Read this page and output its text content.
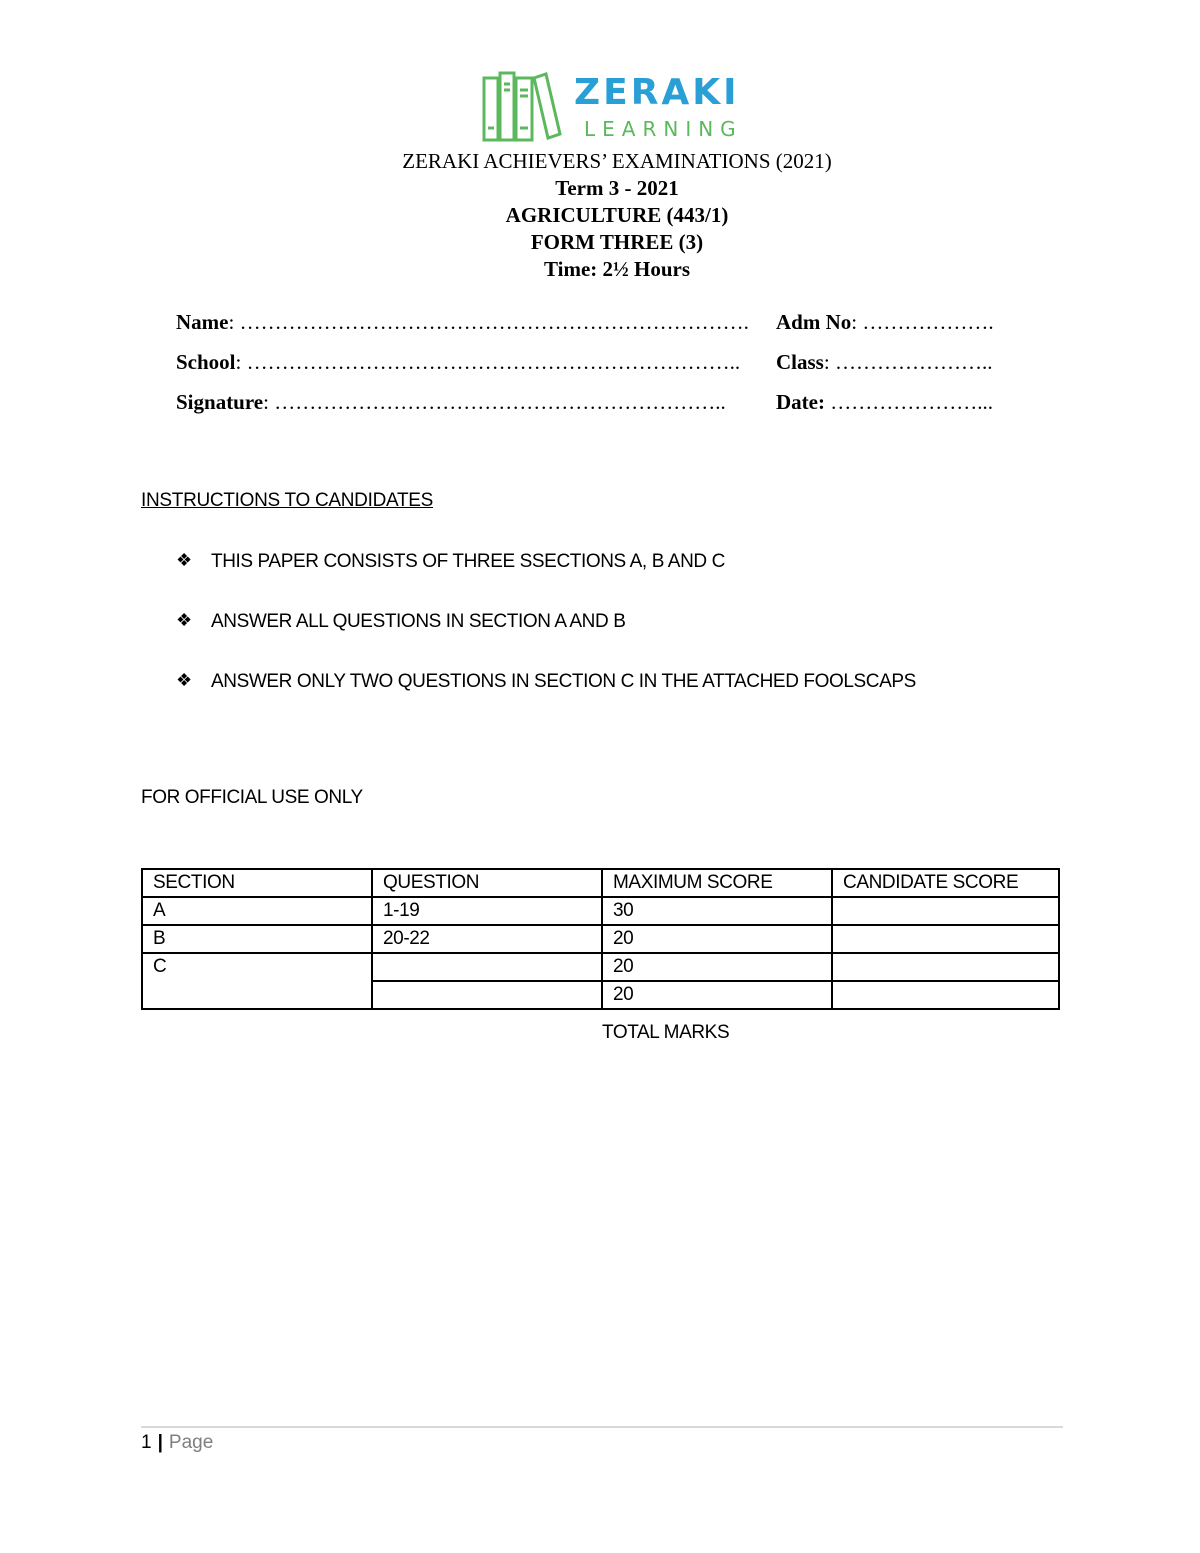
ZERAKI
LEARNING
ZERAKI ACHIEVERS’ EXAMINATIONS (2021)
Term 3 - 2021
AGRICULTURE (443/1)
FORM THREE (3)
Time: 2½ Hours
Name: ………………………………………………………………. Adm No: ……………….
School: …………………………………………………………….. Class: …………………..
Signature: ……………………………………………………….. Date: …………………...
INSTRUCTIONS TO CANDIDATES
❖ THIS PAPER CONSISTS OF THREE SSECTIONS A, B AND C
❖ ANSWER ALL QUESTIONS IN SECTION A AND B
❖ ANSWER ONLY TWO QUESTIONS IN SECTION C IN THE ATTACHED FOOLSCAPS
FOR OFFICIAL USE ONLY
SECTION	QUESTION	MAXIMUM SCORE	CANDIDATE SCORE
A	1-19	30	
B	20-22	20	
C		20	
		20	
TOTAL MARKS
1 | Page
